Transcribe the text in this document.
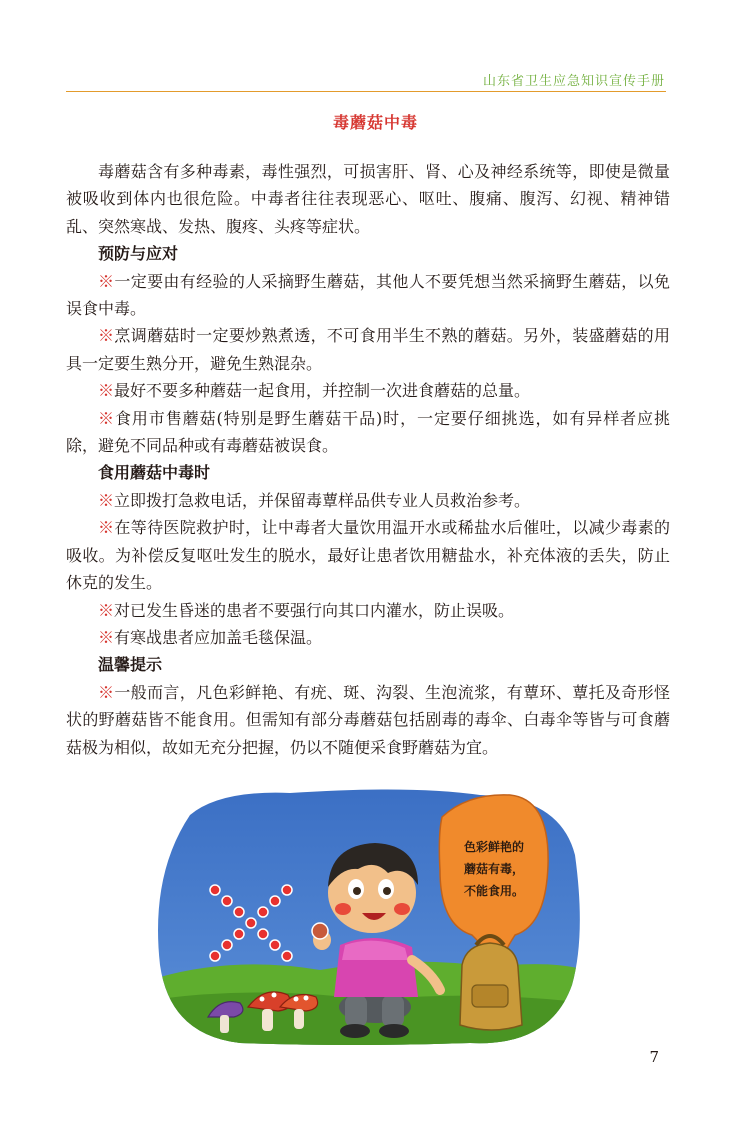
山东省卫生应急知识宣传手册
毒蘑菇中毒

毒蘑菇含有多种毒素，毒性强烈，可损害肝、肾、心及神经系统等，即使是微量被吸收到体内也很危险。中毒者往往表现恶心、呕吐、腹痛、腹泻、幻视、精神错乱、突然寒战、发热、腹疼、头疼等症状。

预防与应对

※一定要由有经验的人采摘野生蘑菇，其他人不要凭想当然采摘野生蘑菇，以免误食中毒。

※烹调蘑菇时一定要炒熟煮透，不可食用半生不熟的蘑菇。另外，装盛蘑菇的用具一定要生熟分开，避免生熟混杂。

※最好不要多种蘑菇一起食用，并控制一次进食蘑菇的总量。

※食用市售蘑菇(特别是野生蘑菇干品)时，一定要仔细挑选，如有异样者应挑除，避免不同品种或有毒蘑菇被误食。

食用蘑菇中毒时

※立即拨打急救电话，并保留毒蕈样品供专业人员救治参考。

※在等待医院救护时，让中毒者大量饮用温开水或稀盐水后催吐，以减少毒素的吸收。为补偿反复呕吐发生的脱水，最好让患者饮用糖盐水，补充体液的丢失，防止休克的发生。

※对已发生昏迷的患者不要强行向其口内灌水，防止误吸。

※有寒战患者应加盖毛毯保温。

温馨提示

※一般而言，凡色彩鲜艳、有疣、斑、沟裂、生泡流浆，有蕈环、蕈托及奇形怪状的野蘑菇皆不能食用。但需知有部分毒蘑菇包括剧毒的毒伞、白毒伞等皆与可食蘑菇极为相似，故如无充分把握，仍以不随便采食野蘑菇为宜。

色彩鲜艳的
蘑菇有毒，
不能食用。
7
